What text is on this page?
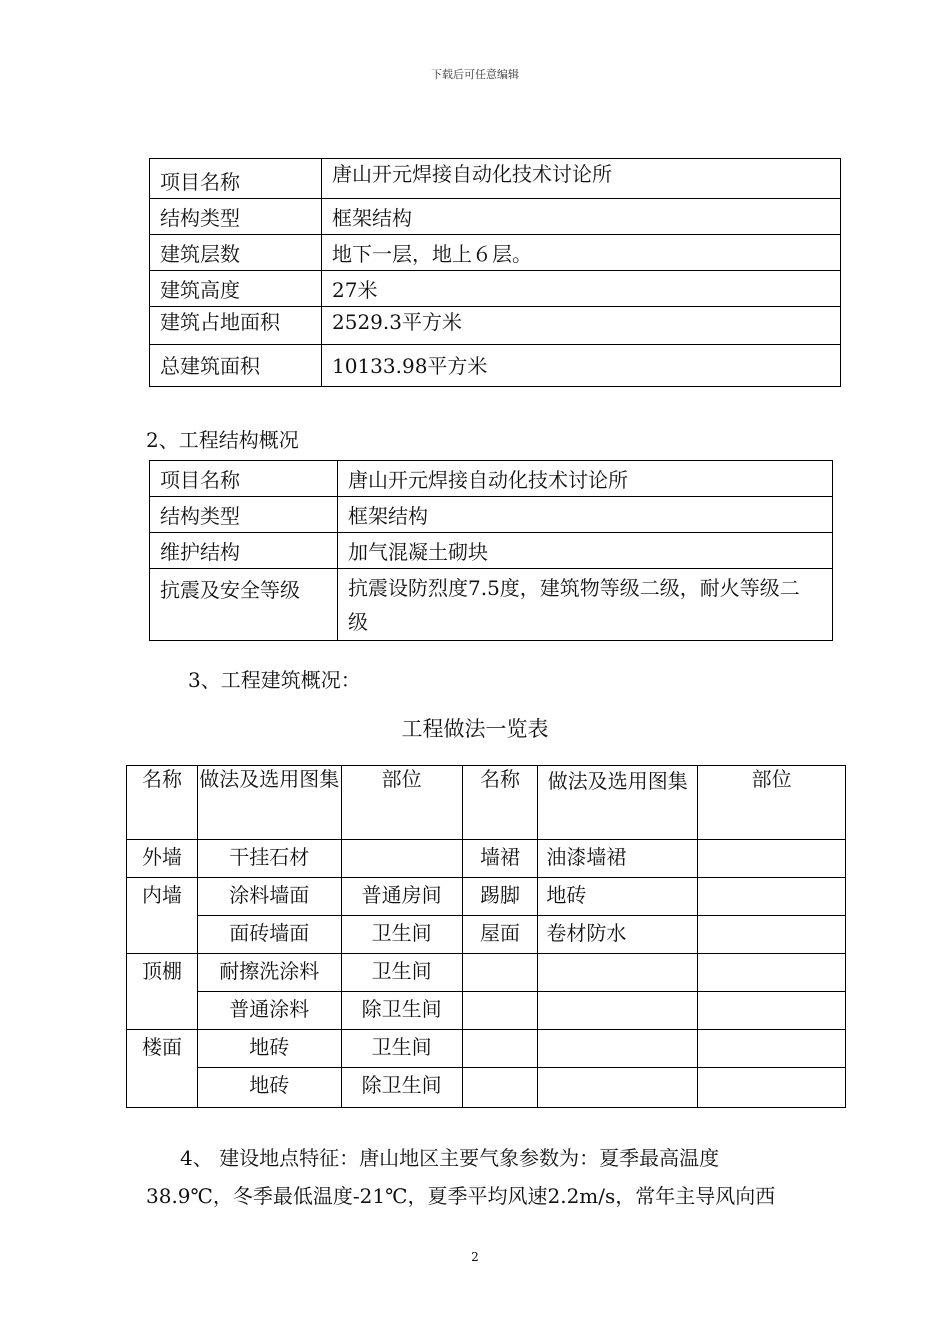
下载后可任意编辑
项目名称	唐山开元焊接自动化技术讨论所
结构类型	框架结构
建筑层数	地下一层，地上６层。
建筑高度	27米
建筑占地面积	2529.3平方米
总建筑面积	10133.98平方米
2、工程结构概况
项目名称	唐山开元焊接自动化技术讨论所
结构类型	框架结构
维护结构	加气混凝土砌块
抗震及安全等级	抗震设防烈度7.5度，建筑物等级二级，耐火等级二级
3、工程建筑概况：
工程做法一览表
名称	做法及选用图集	部位	名称	做法及选用图集	部位
外墙	干挂石材		墙裙	油漆墙裙	
内墙	涂料墙面	普通房间	踢脚	地砖	
	面砖墙面	卫生间	屋面	卷材防水	
顶棚	耐擦洗涂料	卫生间			
	普通涂料	除卫生间			
楼面	地砖	卫生间			
	地砖	除卫生间			
4、 建设地点特征：唐山地区主要气象参数为：夏季最高温度
38.9℃，冬季最低温度-21℃，夏季平均风速2.2m/s，常年主导风向西
2
